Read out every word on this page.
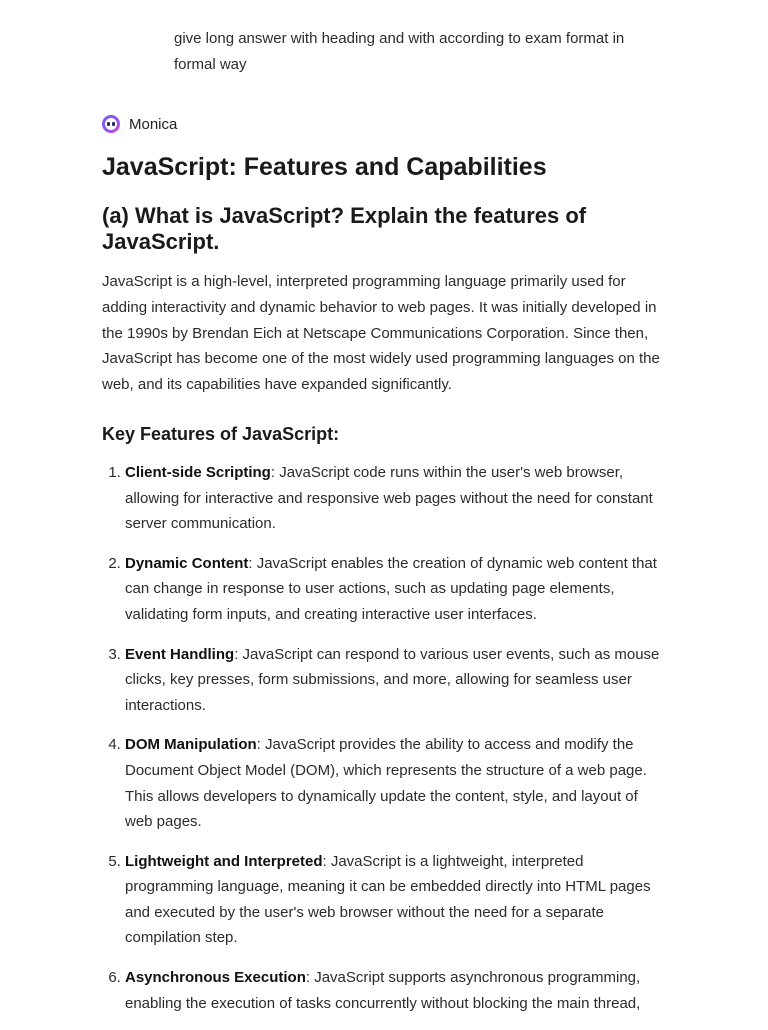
give long answer with heading and with according to exam format in formal way
Monica
JavaScript: Features and Capabilities
(a) What is JavaScript? Explain the features of JavaScript.

JavaScript is a high-level, interpreted programming language primarily used for adding interactivity and dynamic behavior to web pages. It was initially developed in the 1990s by Brendan Eich at Netscape Communications Corporation. Since then, JavaScript has become one of the most widely used programming languages on the web, and its capabilities have expanded significantly.

Key Features of JavaScript:
1. Client-side Scripting: JavaScript code runs within the user's web browser, allowing for interactive and responsive web pages without the need for constant server communication.
2. Dynamic Content: JavaScript enables the creation of dynamic web content that can change in response to user actions, such as updating page elements, validating form inputs, and creating interactive user interfaces.
3. Event Handling: JavaScript can respond to various user events, such as mouse clicks, key presses, form submissions, and more, allowing for seamless user interactions.
4. DOM Manipulation: JavaScript provides the ability to access and modify the Document Object Model (DOM), which represents the structure of a web page. This allows developers to dynamically update the content, style, and layout of web pages.
5. Lightweight and Interpreted: JavaScript is a lightweight, interpreted programming language, meaning it can be embedded directly into HTML pages and executed by the user's web browser without the need for a separate compilation step.
6. Asynchronous Execution: JavaScript supports asynchronous programming, enabling the execution of tasks concurrently without blocking the main thread,
